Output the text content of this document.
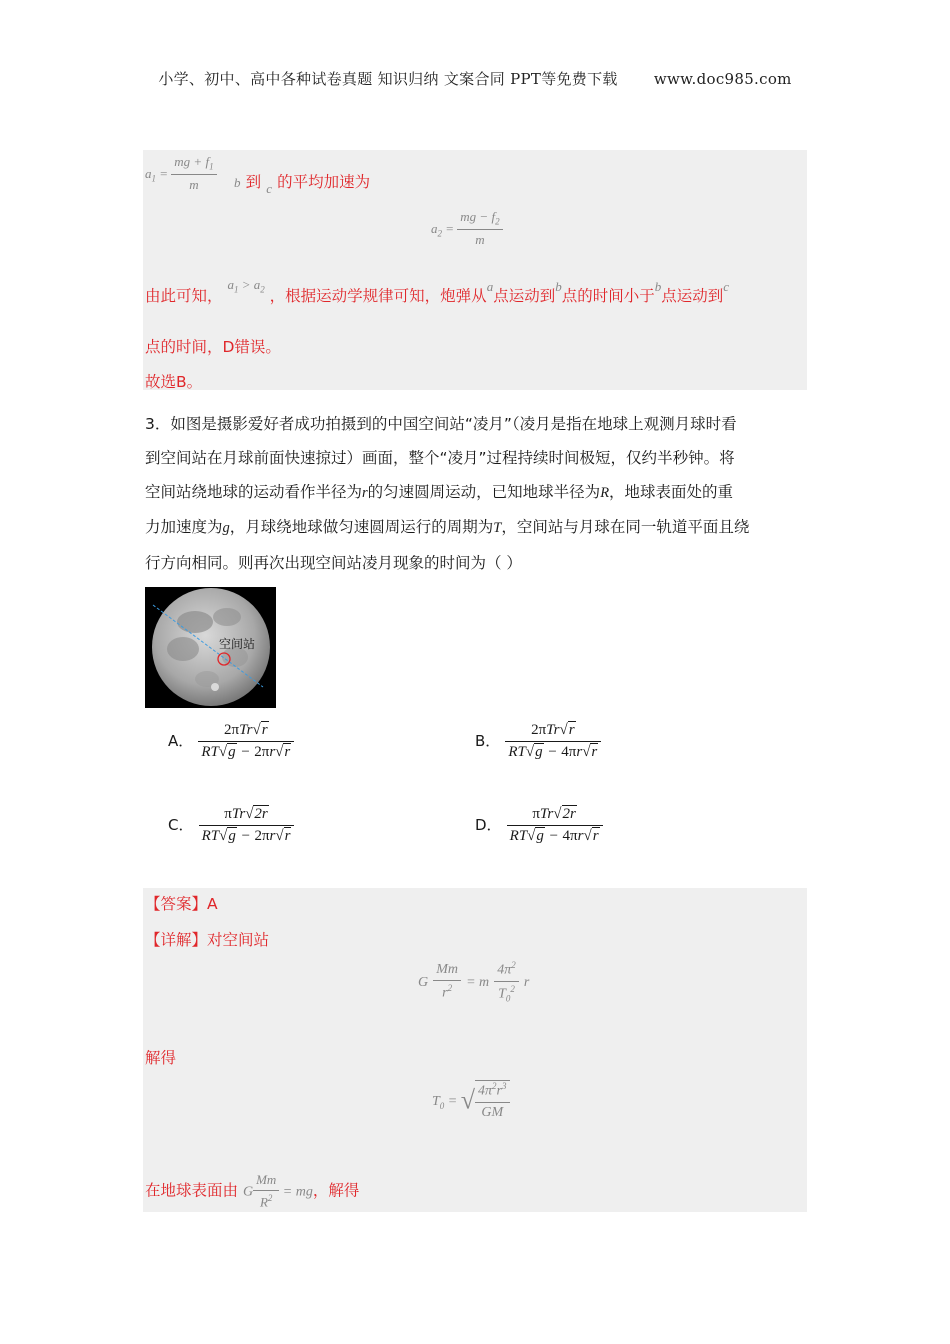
小学、初中、高中各种试卷真题 知识归纳 文案合同 PPT等免费下载 www.doc985.com
$a_1 = \frac{mg + f_1}{m}$ b 到 $_c$ 的平均加速为
$a_2 = \frac{mg - f_2}{m}$
由此可知， $^{a_1 > a_2}$ ，根据运动学规律可知，炮弹从$^a$点运动到$^b$点的时间小于$^b$点运动到$^c$
点的时间，D错误。
故选B。
3．如图是摄影爱好者成功拍摄到的中国空间站“凌月”（凌月是指在地球上观测月球时看
到空间站在月球前面快速掠过）画面，整个“凌月”过程持续时间极短，仅约半秒钟。将
空间站绕地球的运动看作半径为r的匀速圆周运动，已知地球半径为R，地球表面处的重
力加速度为g，月球绕地球做匀速圆周运行的周期为T，空间站与月球在同一轨道平面且绕
行方向相同。则再次出现空间站凌月现象的时间为（ ）
空间站
A． $\frac{\text{2πTr√r}}{RT√g - 2\pi r√r}$	B． $\frac{\text{2πTr√r}}{RT√g - 4\pi r√r}$
C． $\frac{\text{πTr√2r}}{RT√g - 2\pi r√r}$	D． $\frac{\text{πTr√2r}}{RT√g - 4\pi r√r}$
【答案】A
【详解】对空间站
G $\frac{Mm}{r^2} = m \frac{4\pi^2}{T_0^2}$ r
解得
$T_0$ = √ $\frac{4\pi^2r^3}{GM}$
在地球表面由 G $\frac{Mm}{R^2}$ = mg，解得
